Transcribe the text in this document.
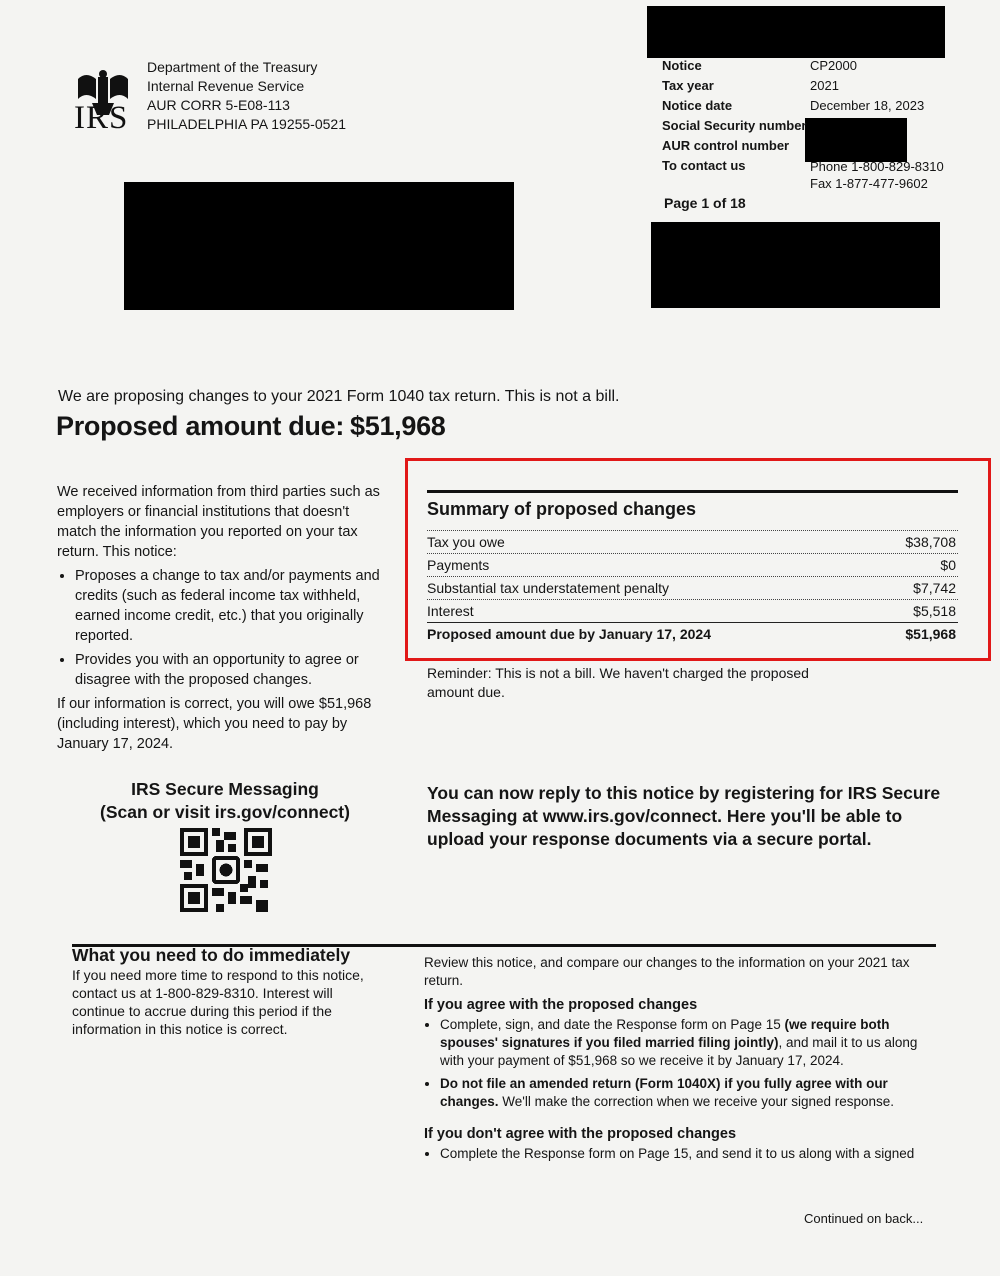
IRS
Department of the Treasury
Internal Revenue Service
AUR CORR 5-E08-113
PHILADELPHIA PA 19255-0521
Notice	CP2000
Tax year	2021
Notice date	December 18, 2023
Social Security number
AUR control number
To contact us	Phone 1-800-829-8310
Fax 1-877-477-9602
Page 1 of 18
We are proposing changes to your 2021 Form 1040 tax return. This is not a bill.
Proposed amount due: $51,968
We received information from third parties such as employers or financial institutions that doesn't match the information you reported on your tax return. This notice:
• Proposes a change to tax and/or payments and credits (such as federal income tax withheld, earned income credit, etc.) that you originally reported.
• Provides you with an opportunity to agree or disagree with the proposed changes.
If our information is correct, you will owe $51,968 (including interest), which you need to pay by January 17, 2024.
Summary of proposed changes
Tax you owe	$38,708
Payments	$0
Substantial tax understatement penalty	$7,742
Interest	$5,518
Proposed amount due by January 17, 2024	$51,968
Reminder: This is not a bill. We haven't charged the proposed amount due.
IRS Secure Messaging
(Scan or visit irs.gov/connect)
You can now reply to this notice by registering for IRS Secure Messaging at www.irs.gov/connect. Here you'll be able to upload your response documents via a secure portal.
What you need to do immediately
If you need more time to respond to this notice, contact us at 1-800-829-8310. Interest will continue to accrue during this period if the information in this notice is correct.
Review this notice, and compare our changes to the information on your 2021 tax return.
If you agree with the proposed changes
• Complete, sign, and date the Response form on Page 15 (we require both spouses' signatures if you filed married filing jointly), and mail it to us along with your payment of $51,968 so we receive it by January 17, 2024.
• Do not file an amended return (Form 1040X) if you fully agree with our changes. We'll make the correction when we receive your signed response.
If you don't agree with the proposed changes
• Complete the Response form on Page 15, and send it to us along with a signed
Continued on back...
